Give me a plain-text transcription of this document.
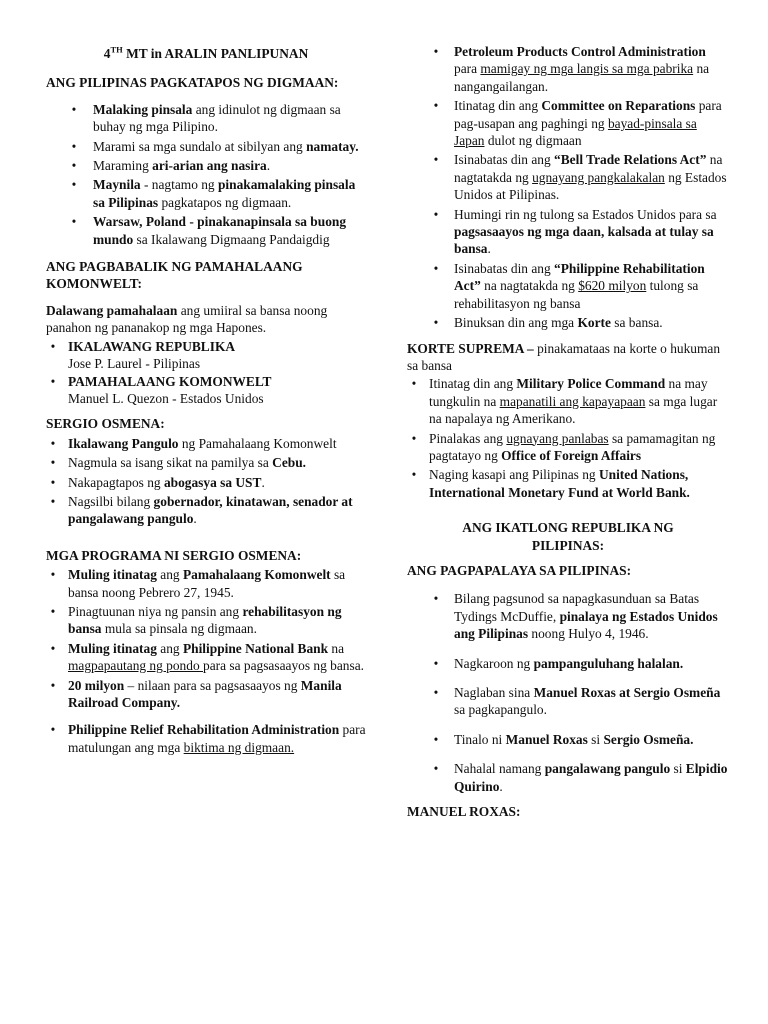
4TH MT in ARALIN PANLIPUNAN
ANG PILIPINAS PAGKATAPOS NG DIGMAAN:
• Malaking pinsala ang idinulot ng digmaan sa buhay ng mga Pilipino.
• Marami sa mga sundalo at sibilyan ang namatay.
• Maraming ari-arian ang nasira.
• Maynila - nagtamo ng pinakamalaking pinsala sa Pilipinas pagkatapos ng digmaan.
• Warsaw, Poland - pinakanapinsala sa buong mundo sa Ikalawang Digmaang Pandaigdig
ANG PAGBABALIK NG PAMAHALAANG KOMONWELT:
Dalawang pamahalaan ang umiiral sa bansa noong panahon ng pananakop ng mga Hapones.
• IKALAWANG REPUBLIKA
Jose P. Laurel - Pilipinas
• PAMAHALAANG KOMONWELT
Manuel L. Quezon - Estados Unidos
SERGIO OSMENA:
• Ikalawang Pangulo ng Pamahalaang Komonwelt
• Nagmula sa isang sikat na pamilya sa Cebu.
• Nakapagtapos ng abogasya sa UST.
• Nagsilbi bilang gobernador, kinatawan, senador at pangalawang pangulo.
MGA PROGRAMA NI SERGIO OSMENA:
• Muling itinatag ang Pamahalaang Komonwelt sa bansa noong Pebrero 27, 1945.
• Pinagtuunan niya ng pansin ang rehabilitasyon ng bansa mula sa pinsala ng digmaan.
• Muling itinatag ang Philippine National Bank na magpapautang ng pondo para sa pagsasaayos ng bansa.
• 20 milyon – nilaan para sa pagsasaayos ng Manila Railroad Company.
• Philippine Relief Rehabilitation Administration para matulungan ang mga biktima ng digmaan.
• Petroleum Products Control Administration para mamigay ng mga langis sa mga pabrika na nangangailangan.
• Itinatag din ang Committee on Reparations para pag-usapan ang paghingi ng bayad-pinsala sa Japan dulot ng digmaan
• Isinabatas din ang “Bell Trade Relations Act” na nagtatakda ng ugnayang pangkalakalan ng Estados Unidos at Pilipinas.
• Humingi rin ng tulong sa Estados Unidos para sa pagsasaayos ng mga daan, kalsada at tulay sa bansa.
• Isinabatas din ang “Philippine Rehabilitation Act” na nagtatakda ng $620 milyon tulong sa rehabilitasyon ng bansa
• Binuksan din ang mga Korte sa bansa.
KORTE SUPREMA – pinakamataas na korte o hukuman sa bansa
• Itinatag din ang Military Police Command na may tungkulin na mapanatili ang kapayapaan sa mga lugar na napalaya ng Amerikano.
• Pinalakas ang ugnayang panlabas sa pamamagitan ng pagtatayo ng Office of Foreign Affairs
• Naging kasapi ang Pilipinas ng United Nations, International Monetary Fund at World Bank.
ANG IKATLONG REPUBLIKA NG PILIPINAS:
ANG PAGPAPALAYA SA PILIPINAS:
• Bilang pagsunod sa napagkasunduan sa Batas Tydings McDuffie, pinalaya ng Estados Unidos ang Pilipinas noong Hulyo 4, 1946.
• Nagkaroon ng pampanguluhang halalan.
• Naglaban sina Manuel Roxas at Sergio Osmeña sa pagkapangulo.
• Tinalo ni Manuel Roxas si Sergio Osmeña.
• Nahalal namang pangalawang pangulo si Elpidio Quirino.
MANUEL ROXAS:
